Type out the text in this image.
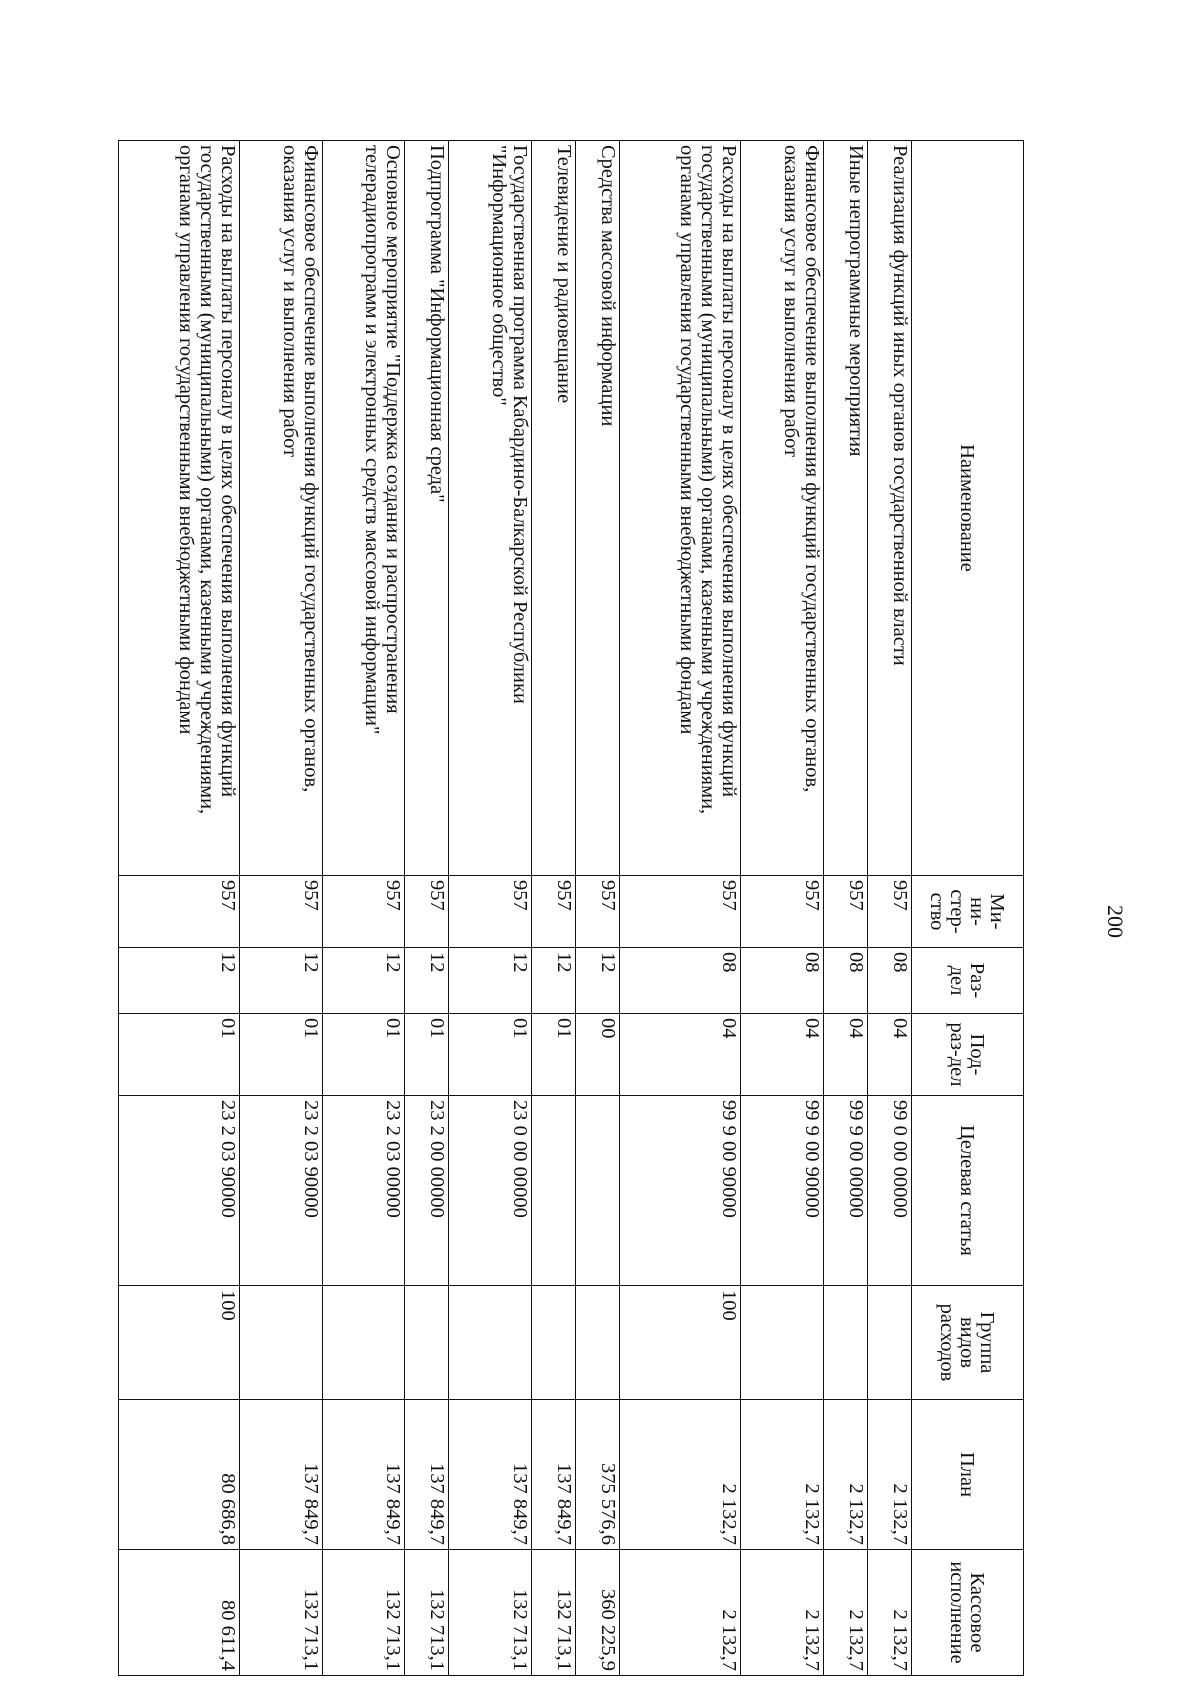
200
Наименование	Ми-ни-стер-ство	Раз-дел	Под-раз-дел	Целевая статья	Группа видов расходов	План	Кассовое исполнение
Реализация функций иных органов государственной власти	957	08	04	99 0 00 00000		2 132,7	2 132,7
Иные непрограммные мероприятия	957	08	04	99 9 00 00000		2 132,7	2 132,7
Финансовое обеспечение выполнения функций государственных органов, оказания услуг и выполнения работ	957	08	04	99 9 00 90000		2 132,7	2 132,7
Расходы на выплаты персоналу в целях обеспечения выполнения функций государственными (муниципальными) органами, казенными учреждениями, органами управления государственными внебюджетными фондами	957	08	04	99 9 00 90000	100	2 132,7	2 132,7
Средства массовой информации	957	12	00			375 576,6	360 225,9
Телевидение и радиовещание	957	12	01			137 849,7	132 713,1
Государственная программа Кабардино-Балкарской Республики "Информационное общество"	957	12	01	23 0 00 00000		137 849,7	132 713,1
Подпрограмма "Информационная среда"	957	12	01	23 2 00 00000		137 849,7	132 713,1
Основное мероприятие "Поддержка создания и распространения телерадиопрограмм и электронных средств массовой информации"	957	12	01	23 2 03 00000		137 849,7	132 713,1
Финансовое обеспечение выполнения функций государственных органов, оказания услуг и выполнения работ	957	12	01	23 2 03 90000		137 849,7	132 713,1
Расходы на выплаты персоналу в целях обеспечения выполнения функций государственными (муниципальными) органами, казенными учреждениями, органами управления государственными внебюджетными фондами	957	12	01	23 2 03 90000	100	80 686,8	80 611,4
